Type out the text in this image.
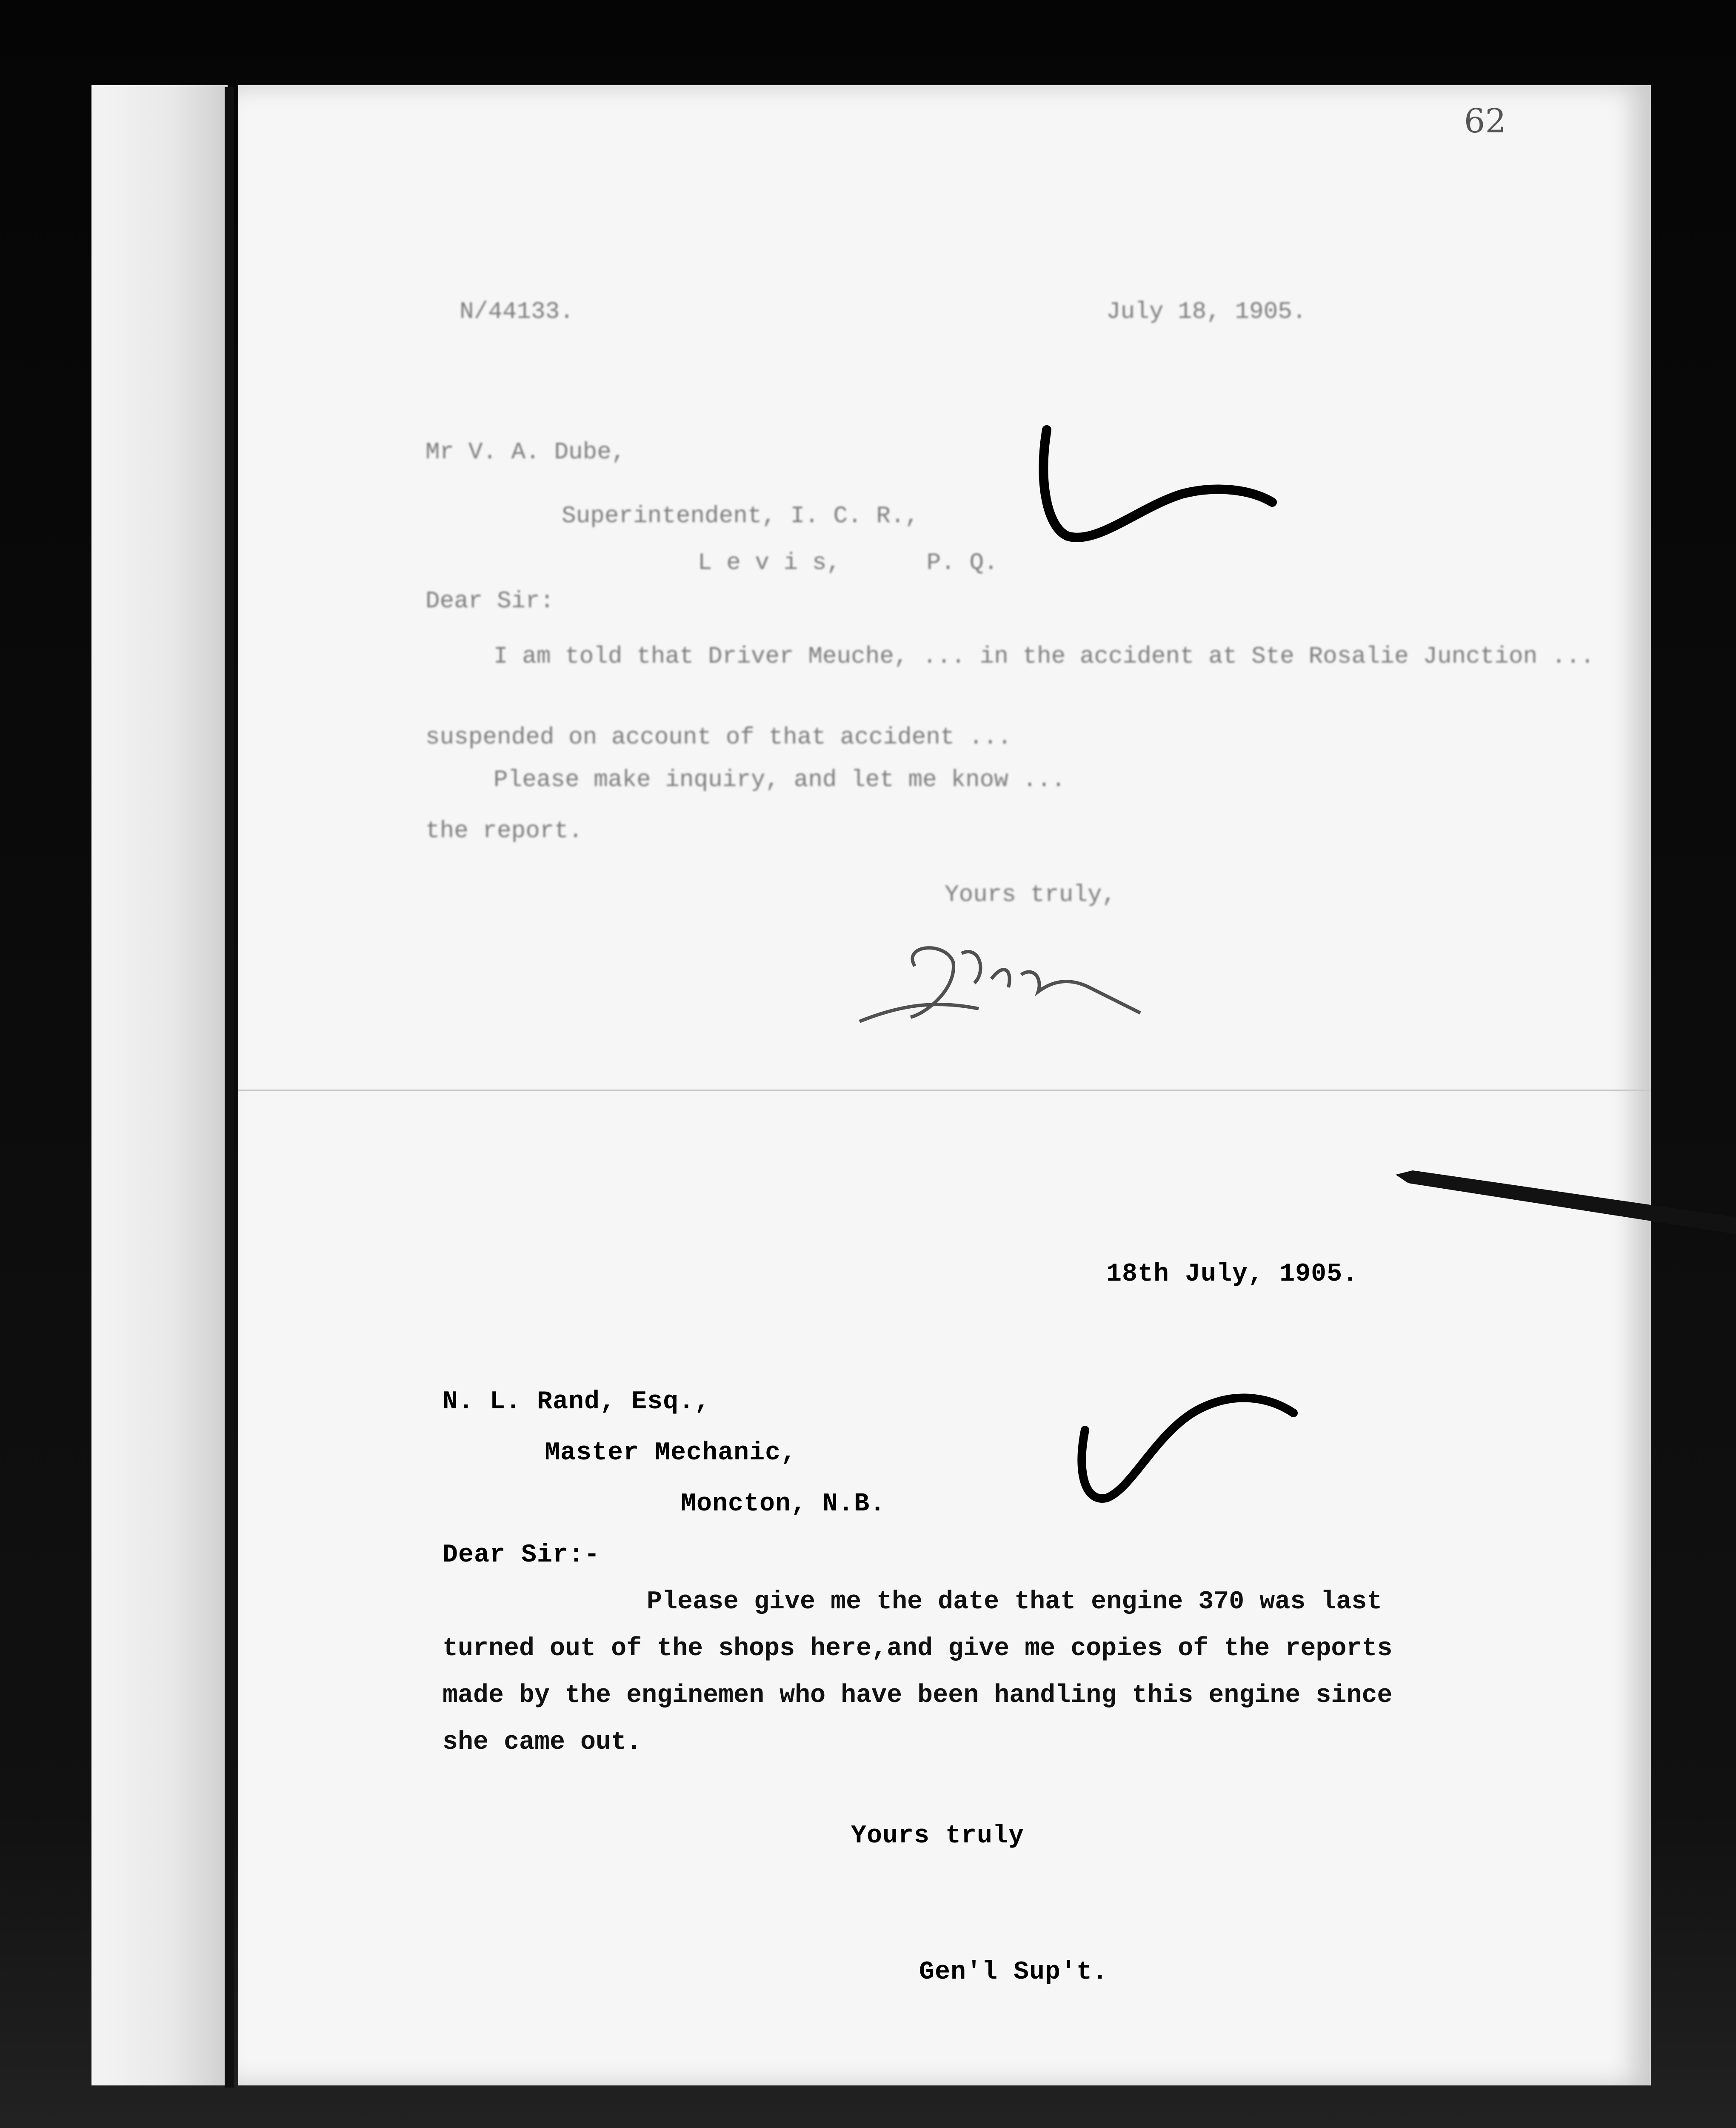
62
N/44133.	July 18, 1905.
Mr V. A. Dube,
Superintendent, I. C. R.,
L e v i s,      P. Q.
Dear Sir:
I am told that Driver Meuche, ... in the accident at Ste Rosalie Junction ...
suspended on account of that accident ...
Please make inquiry, and let me know ...
the report.
Yours truly,
18th July, 1905.
N. L. Rand, Esq.,
Master Mechanic,
Moncton, N.B.
Dear Sir:-
Please give me the date that engine 370 was last
turned out of the shops here,and give me copies of the reports
made by the enginemen who have been handling this engine since
she came out.
Yours truly
Gen'l Sup't.
